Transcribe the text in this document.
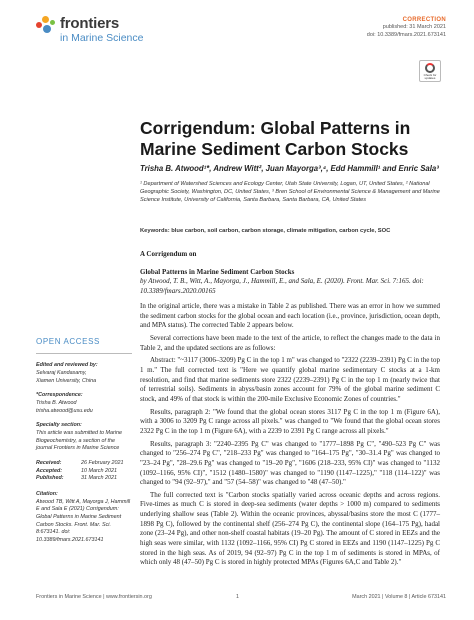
frontiers
in Marine Science
CORRECTION
published: 31 March 2021
doi: 10.3389/fmars.2021.673141
Check for updates
Corrigendum: Global Patterns in Marine Sediment Carbon Stocks
Trisha B. Atwood¹*, Andrew Witt², Juan Mayorga³,⁴, Edd Hammill¹ and Enric Sala³
¹ Department of Watershed Sciences and Ecology Center, Utah State University, Logan, UT, United States, ² National Geographic Society, Washington, DC, United States, ³ Bren School of Environmental Science & Management and Marine Science Institute, University of California, Santa Barbara, Santa Barbara, CA, United States
Keywords: blue carbon, soil carbon, carbon storage, climate mitigation, carbon cycle, SOC
A Corrigendum on
Global Patterns in Marine Sediment Carbon Stocks
by Atwood, T. B., Witt, A., Mayorga, J., Hammill, E., and Sala, E. (2020). Front. Mar. Sci. 7:165. doi: 10.3389/fmars.2020.00165

In the original article, there was a mistake in Table 2 as published. There was an error in how we summed the sediment carbon stocks for the global ocean and each location (i.e., province, jurisdiction, ocean depth, and MPA status). The corrected Table 2 appears below.

Several corrections have been made to the text of the article, to reflect the changes made to the data in Table 2, and the updated sections are as follows:

Abstract: "~3117 (3006–3209) Pg C in the top 1 m" was changed to "2322 (2239–2391) Pg C in the top 1 m." The full corrected text is "Here we quantify global marine sedimentary C stocks at a 1-km resolution, and find that marine sediments store 2322 (2239–2391) Pg C in the top 1 m (nearly twice that of terrestrial soils). Sediments in abyss/basin zones account for 79% of the global marine sediment C stock, and 49% of that stock is within the 200-mile Exclusive Economic Zones of countries."

Results, paragraph 2: "We found that the global ocean stores 3117 Pg C in the top 1 m (Figure 6A), with a 3006 to 3209 Pg C range across all pixels." was changed to "We found that the global ocean stores 2322 Pg C in the top 1 m (Figure 6A), with a 2239 to 2391 Pg C range across all pixels."

Results, paragraph 3: "2240–2395 Pg C" was changed to "1777–1898 Pg C", "490–523 Pg C" was changed to "256–274 Pg C", "218–233 Pg" was changed to "164–175 Pg", "30–31.4 Pg" was changed to "23–24 Pg", "28–29.6 Pg" was changed to "19–20 Pg", "1606 (218–233, 95% CI)" was changed to "1132 (1092–1166, 95% CI)", "1512 (1480–1580)" was changed to "1190 (1147–1225)," "118 (114–122)" was changed to "94 (92–97)," and "57 (54–58)" was changed to "48 (47–50)."

The full corrected text is "Carbon stocks spatially varied across oceanic depths and across regions. Five-times as much C is stored in deep-sea sediments (water depths > 1000 m) compared to sediments underlying shallow seas (Table 2). Within the oceanic provinces, abyssal/basins store the most C (1777–1898 Pg C), followed by the continental shelf (256–274 Pg C), the continental slope (164–175 Pg), hadal zone (23–24 Pg), and other non-shelf coastal habitats (19–20 Pg). The amount of C stored in EEZs and the high seas were similar, with 1132 (1092–1166, 95% CI) Pg C stored in EEZs and 1190 (1147–1225) Pg C stored in the high seas. As of 2019, 94 (92–97) Pg C in the top 1 m of sediments is stored in MPAs, of which only 48 (47–50) Pg C is stored in highly protected MPAs (Figures 6A,C and Table 2)."

OPEN ACCESS
Edited and reviewed by:
Selvaraj Kandasamy,
Xiamen University, China
*Correspondence:
Trisha B. Atwood
trisha.atwood@usu.edu
Specialty section:
This article was submitted to Marine Biogeochemistry, a section of the journal Frontiers in Marine Science
Received:	26 February 2021
Accepted:	10 March 2021
Published:	31 March 2021
Citation:
Atwood TB, Witt A, Mayorga J, Hammill E and Sala E (2021) Corrigendum: Global Patterns in Marine Sediment Carbon Stocks. Front. Mar. Sci. 8:673141. doi: 10.3389/fmars.2021.673141
Frontiers in Marine Science | www.frontiersin.org	1	March 2021 | Volume 8 | Article 673141
